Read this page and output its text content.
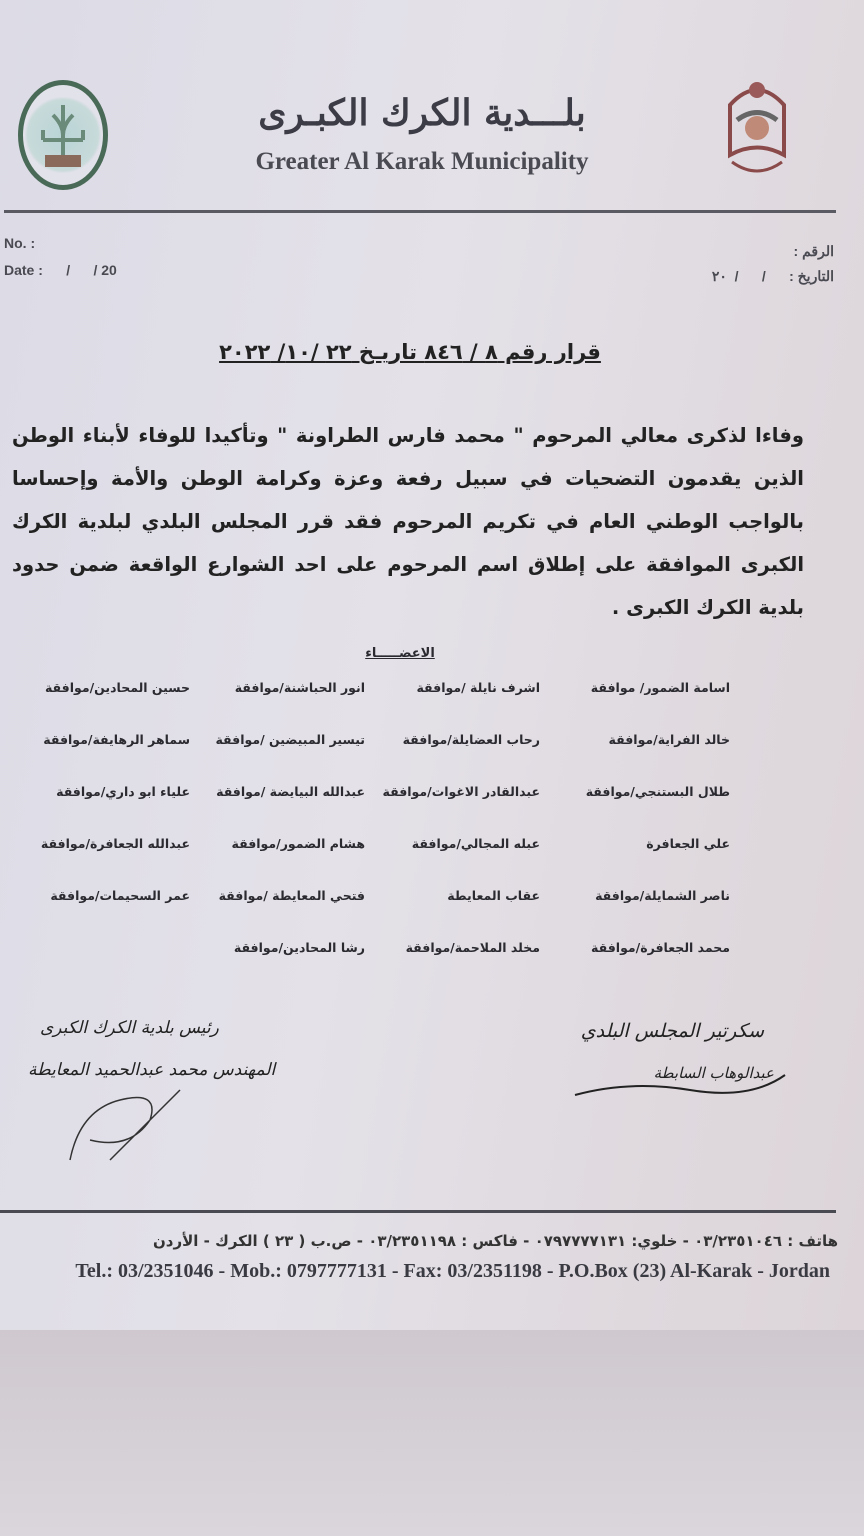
بلـــدية الكرك الكبـرى
Greater Al Karak Municipality
No. :
Date :      /      / 20
الرقم :
التاريخ :      /      /  ٢٠
قرار رقم ٨ / ٨٤٦ تاريـخ ٢٢ /١٠/ ٢٠٢٢
وفاءا لذكرى معالي المرحوم " محمد فارس الطراونة " وتأكيدا للوفاء لأبناء الوطن الذين يقدمون التضحيات في سبيل رفعة وعزة وكرامة الوطن والأمة وإحساسا بالواجب الوطني العام في تكريم المرحوم فقد قرر المجلس البلدي لبلدية الكرك الكبرى الموافقة على إطلاق اسم المرحوم على احد الشوارع الواقعة ضمن حدود بلدية الكرك الكبرى .
الاعضـــــاء
اسامة الضمور/ موافقة
اشرف نايلة /موافقة
انور الحباشنة/موافقة
حسين المحادين/موافقة
خالد الفراية/موافقة
رحاب العضايلة/موافقة
تيسير المبيضين /موافقة
سماهر الرهايفة/موافقة
طلال البستنجي/موافقة
عبدالقادر الاغوات/موافقة
عبدالله البيايضة /موافقة
علياء ابو داري/موافقة
علي الجعافرة
عبله المجالي/موافقة
هشام الضمور/موافقة
عبدالله الجعافرة/موافقة
ناصر الشمايلة/موافقة
عقاب المعايطة
فتحي المعايطة /موافقة
عمر السحيمات/موافقة
محمد الجعافرة/موافقة
مخلد الملاحمة/موافقة
رشا المحادين/موافقة
سكرتير المجلس البلدي
عبدالوهاب السابطة
رئيس بلدية الكرك الكبرى
المهندس محمد عبدالحميد المعايطة
هاتف : ٠٣/٢٣٥١٠٤٦ - خلوي: ٠٧٩٧٧٧٧١٣١ - فاكس : ٠٣/٢٣٥١١٩٨ - ص.ب ( ٢٣ ) الكرك - الأردن
Tel.: 03/2351046 - Mob.: 0797777131 - Fax: 03/2351198 - P.O.Box (23) Al-Karak - Jordan
